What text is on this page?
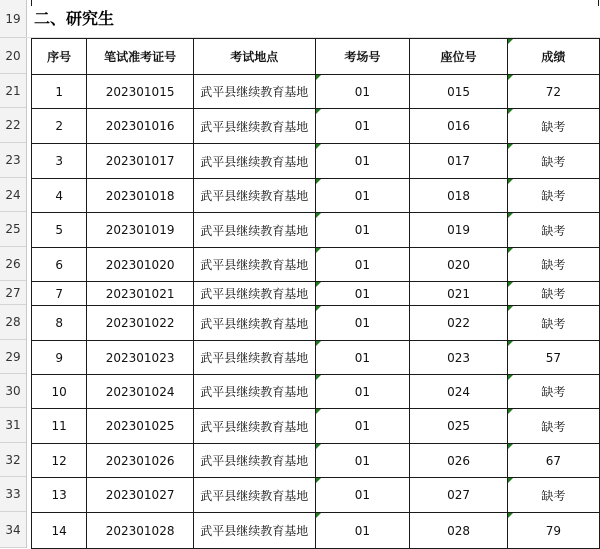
19
20
21
22
23
24
25
26
27
28
29
30
31
32
33
34
二、研究生
序号	笔试准考证号	考试地点	考场号	座位号	成绩
1	202301015	武平县继续教育基地	01	015	72
2	202301016	武平县继续教育基地	01	016	缺考
3	202301017	武平县继续教育基地	01	017	缺考
4	202301018	武平县继续教育基地	01	018	缺考
5	202301019	武平县继续教育基地	01	019	缺考
6	202301020	武平县继续教育基地	01	020	缺考
7	202301021	武平县继续教育基地	01	021	缺考
8	202301022	武平县继续教育基地	01	022	缺考
9	202301023	武平县继续教育基地	01	023	57
10	202301024	武平县继续教育基地	01	024	缺考
11	202301025	武平县继续教育基地	01	025	缺考
12	202301026	武平县继续教育基地	01	026	67
13	202301027	武平县继续教育基地	01	027	缺考
14	202301028	武平县继续教育基地	01	028	79
